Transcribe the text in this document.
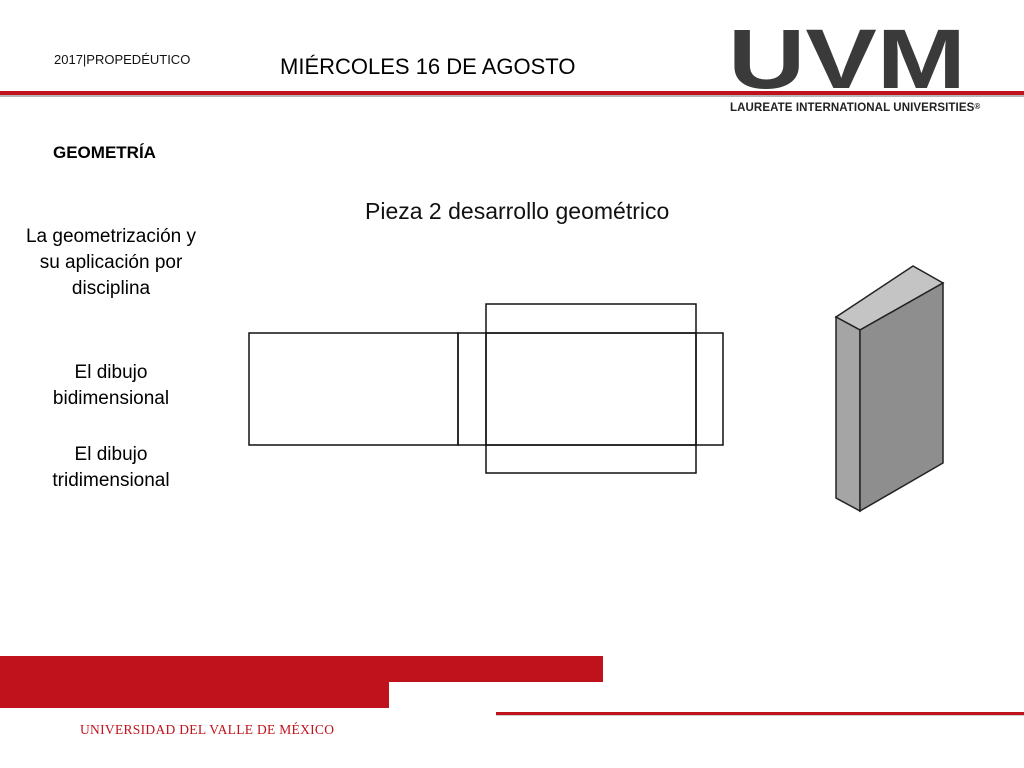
2017|PROPEDÉUTICO	MIÉRCOLES 16 DE AGOSTO UVM
LAUREATE INTERNATIONAL UNIVERSITIES®
GEOMETRÍA
La geometrización y su aplicación por disciplina
El dibujo bidimensional
El dibujo tridimensional
Pieza 2 desarrollo geométrico
UNIVERSIDAD DEL VALLE DE MÉXICO
